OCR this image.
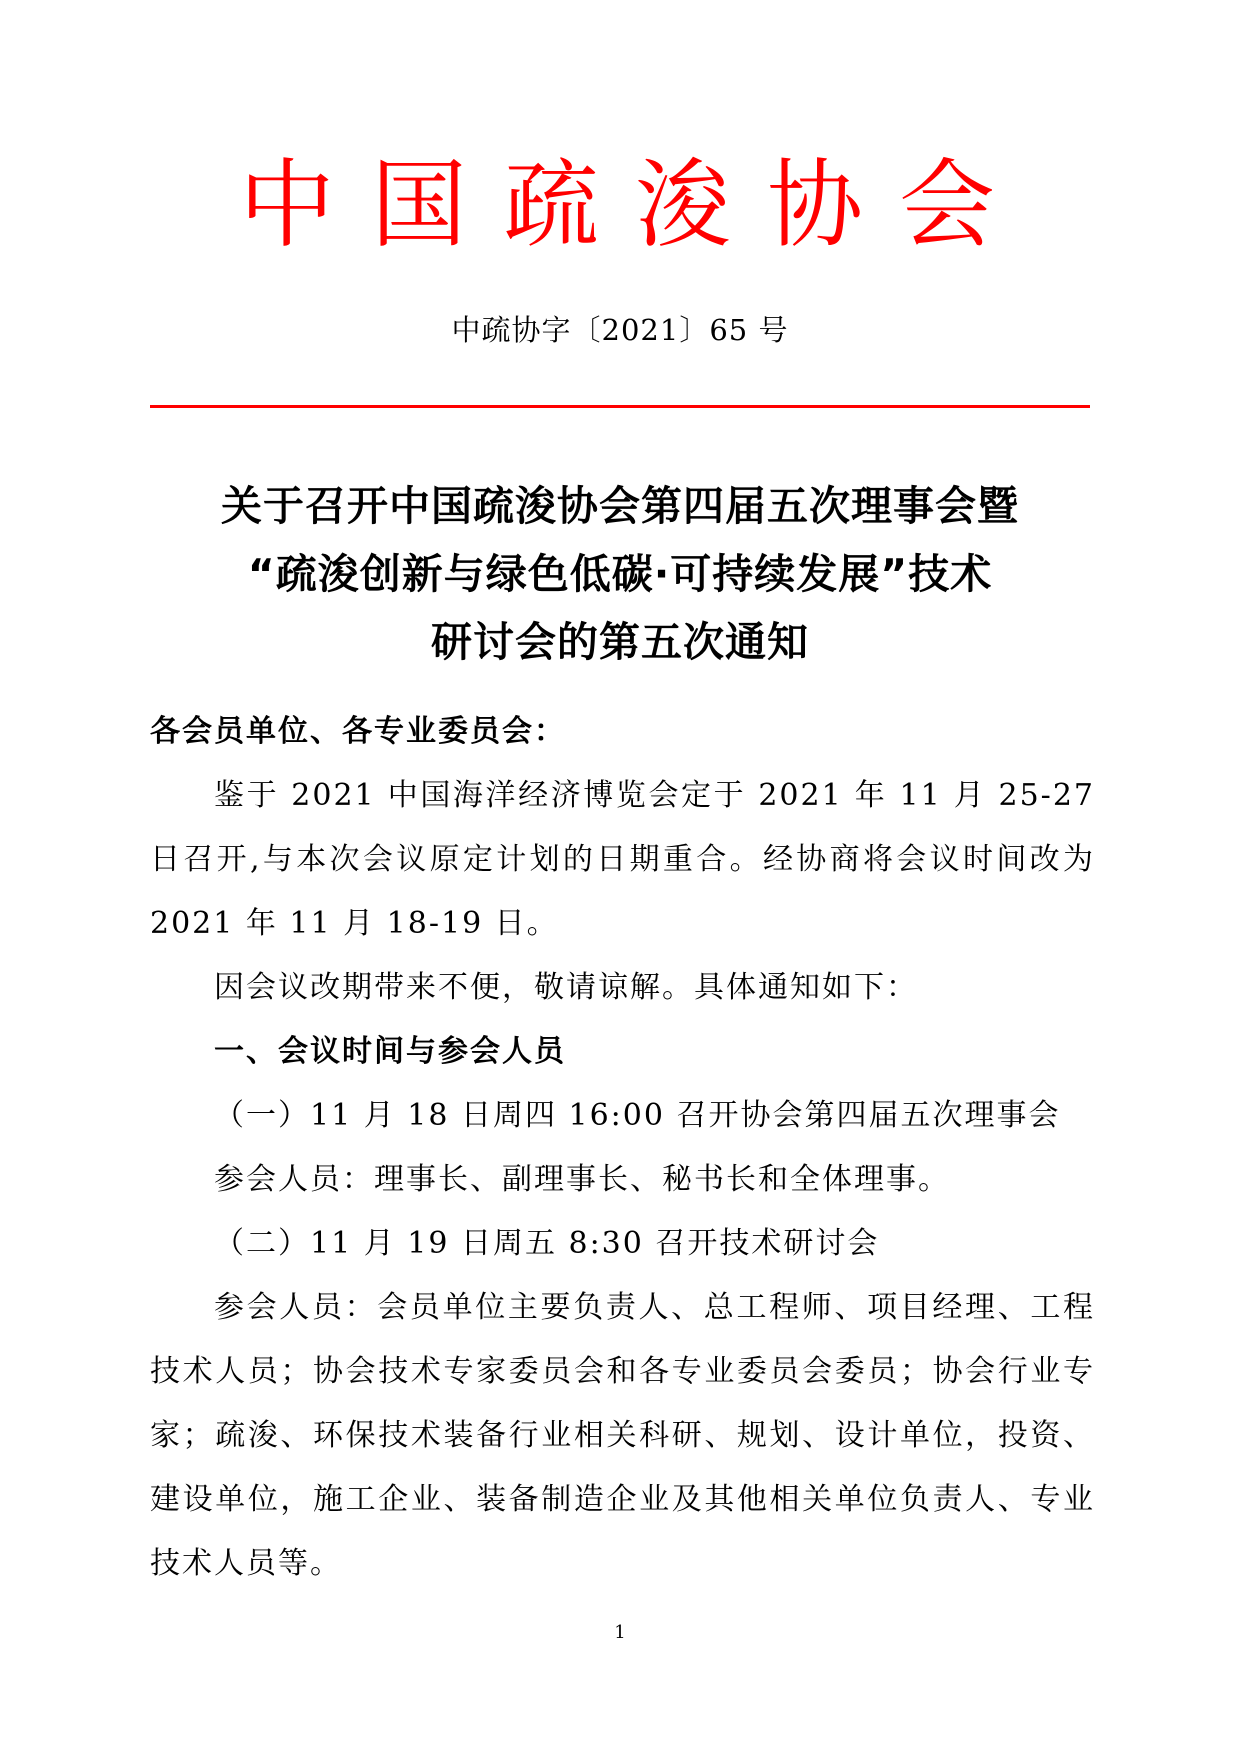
中国疏浚协会
中疏协字〔2021〕65 号
关于召开中国疏浚协会第四届五次理事会暨
“疏浚创新与绿色低碳·可持续发展”技术
研讨会的第五次通知

各会员单位、各专业委员会：

鉴于 2021 中国海洋经济博览会定于 2021 年 11 月 25-27 日召开,与本次会议原定计划的日期重合。经协商将会议时间改为 2021 年 11 月 18-19 日。

因会议改期带来不便，敬请谅解。具体通知如下：

一、会议时间与参会人员

（一）11 月 18 日周四 16:00 召开协会第四届五次理事会

参会人员：理事长、副理事长、秘书长和全体理事。

（二）11 月 19 日周五 8:30 召开技术研讨会

参会人员：会员单位主要负责人、总工程师、项目经理、工程技术人员；协会技术专家委员会和各专业委员会委员；协会行业专家；疏浚、环保技术装备行业相关科研、规划、设计单位，投资、建设单位，施工企业、装备制造企业及其他相关单位负责人、专业技术人员等。

1
